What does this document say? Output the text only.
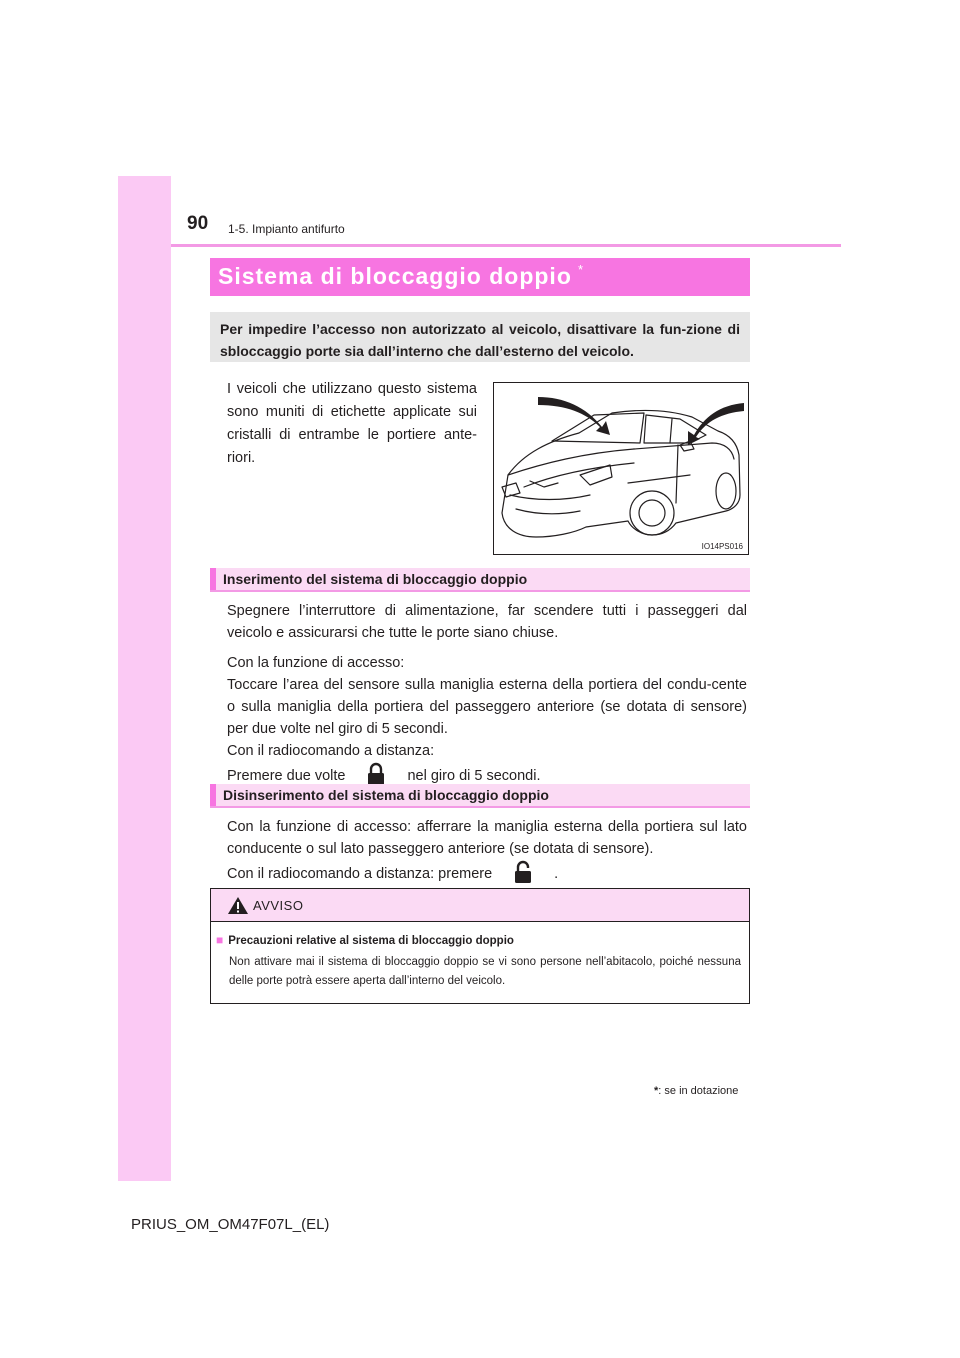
90 1-5. Impianto antifurto
Sistema di bloccaggio doppio *
Per impedire l’accesso non autorizzato al veicolo, disattivare la fun-zione di sbloccaggio porte sia dall’interno che dall’esterno del veicolo.
I veicoli che utilizzano questo sistema sono muniti di etichette applicate sui cristalli di entrambe le portiere ante-riori.
IO14PS016
Inserimento del sistema di bloccaggio doppio

Spegnere l’interruttore di alimentazione, far scendere tutti i passeggeri dal veicolo e assicurarsi che tutte le porte siano chiuse.

Con la funzione di accesso:

Toccare l’area del sensore sulla maniglia esterna della portiera del condu-cente o sulla maniglia della portiera del passeggero anteriore (se dotata di sensore) per due volte nel giro di 5 secondi.

Con il radiocomando a distanza:

Premere due volte	nel giro di 5 secondi.

Disinserimento del sistema di bloccaggio doppio

Con la funzione di accesso: afferrare la maniglia esterna della portiera sul lato conducente o sul lato passeggero anteriore (se dotata di sensore).

Con il radiocomando a distanza: premere	.

AVVISO
■ Precauzioni relative al sistema di bloccaggio doppio
Non attivare mai il sistema di bloccaggio doppio se vi sono persone nell’abitacolo, poiché nessuna delle porte potrà essere aperta dall’interno del veicolo.
*: se in dotazione
PRIUS_OM_OM47F07L_(EL)
